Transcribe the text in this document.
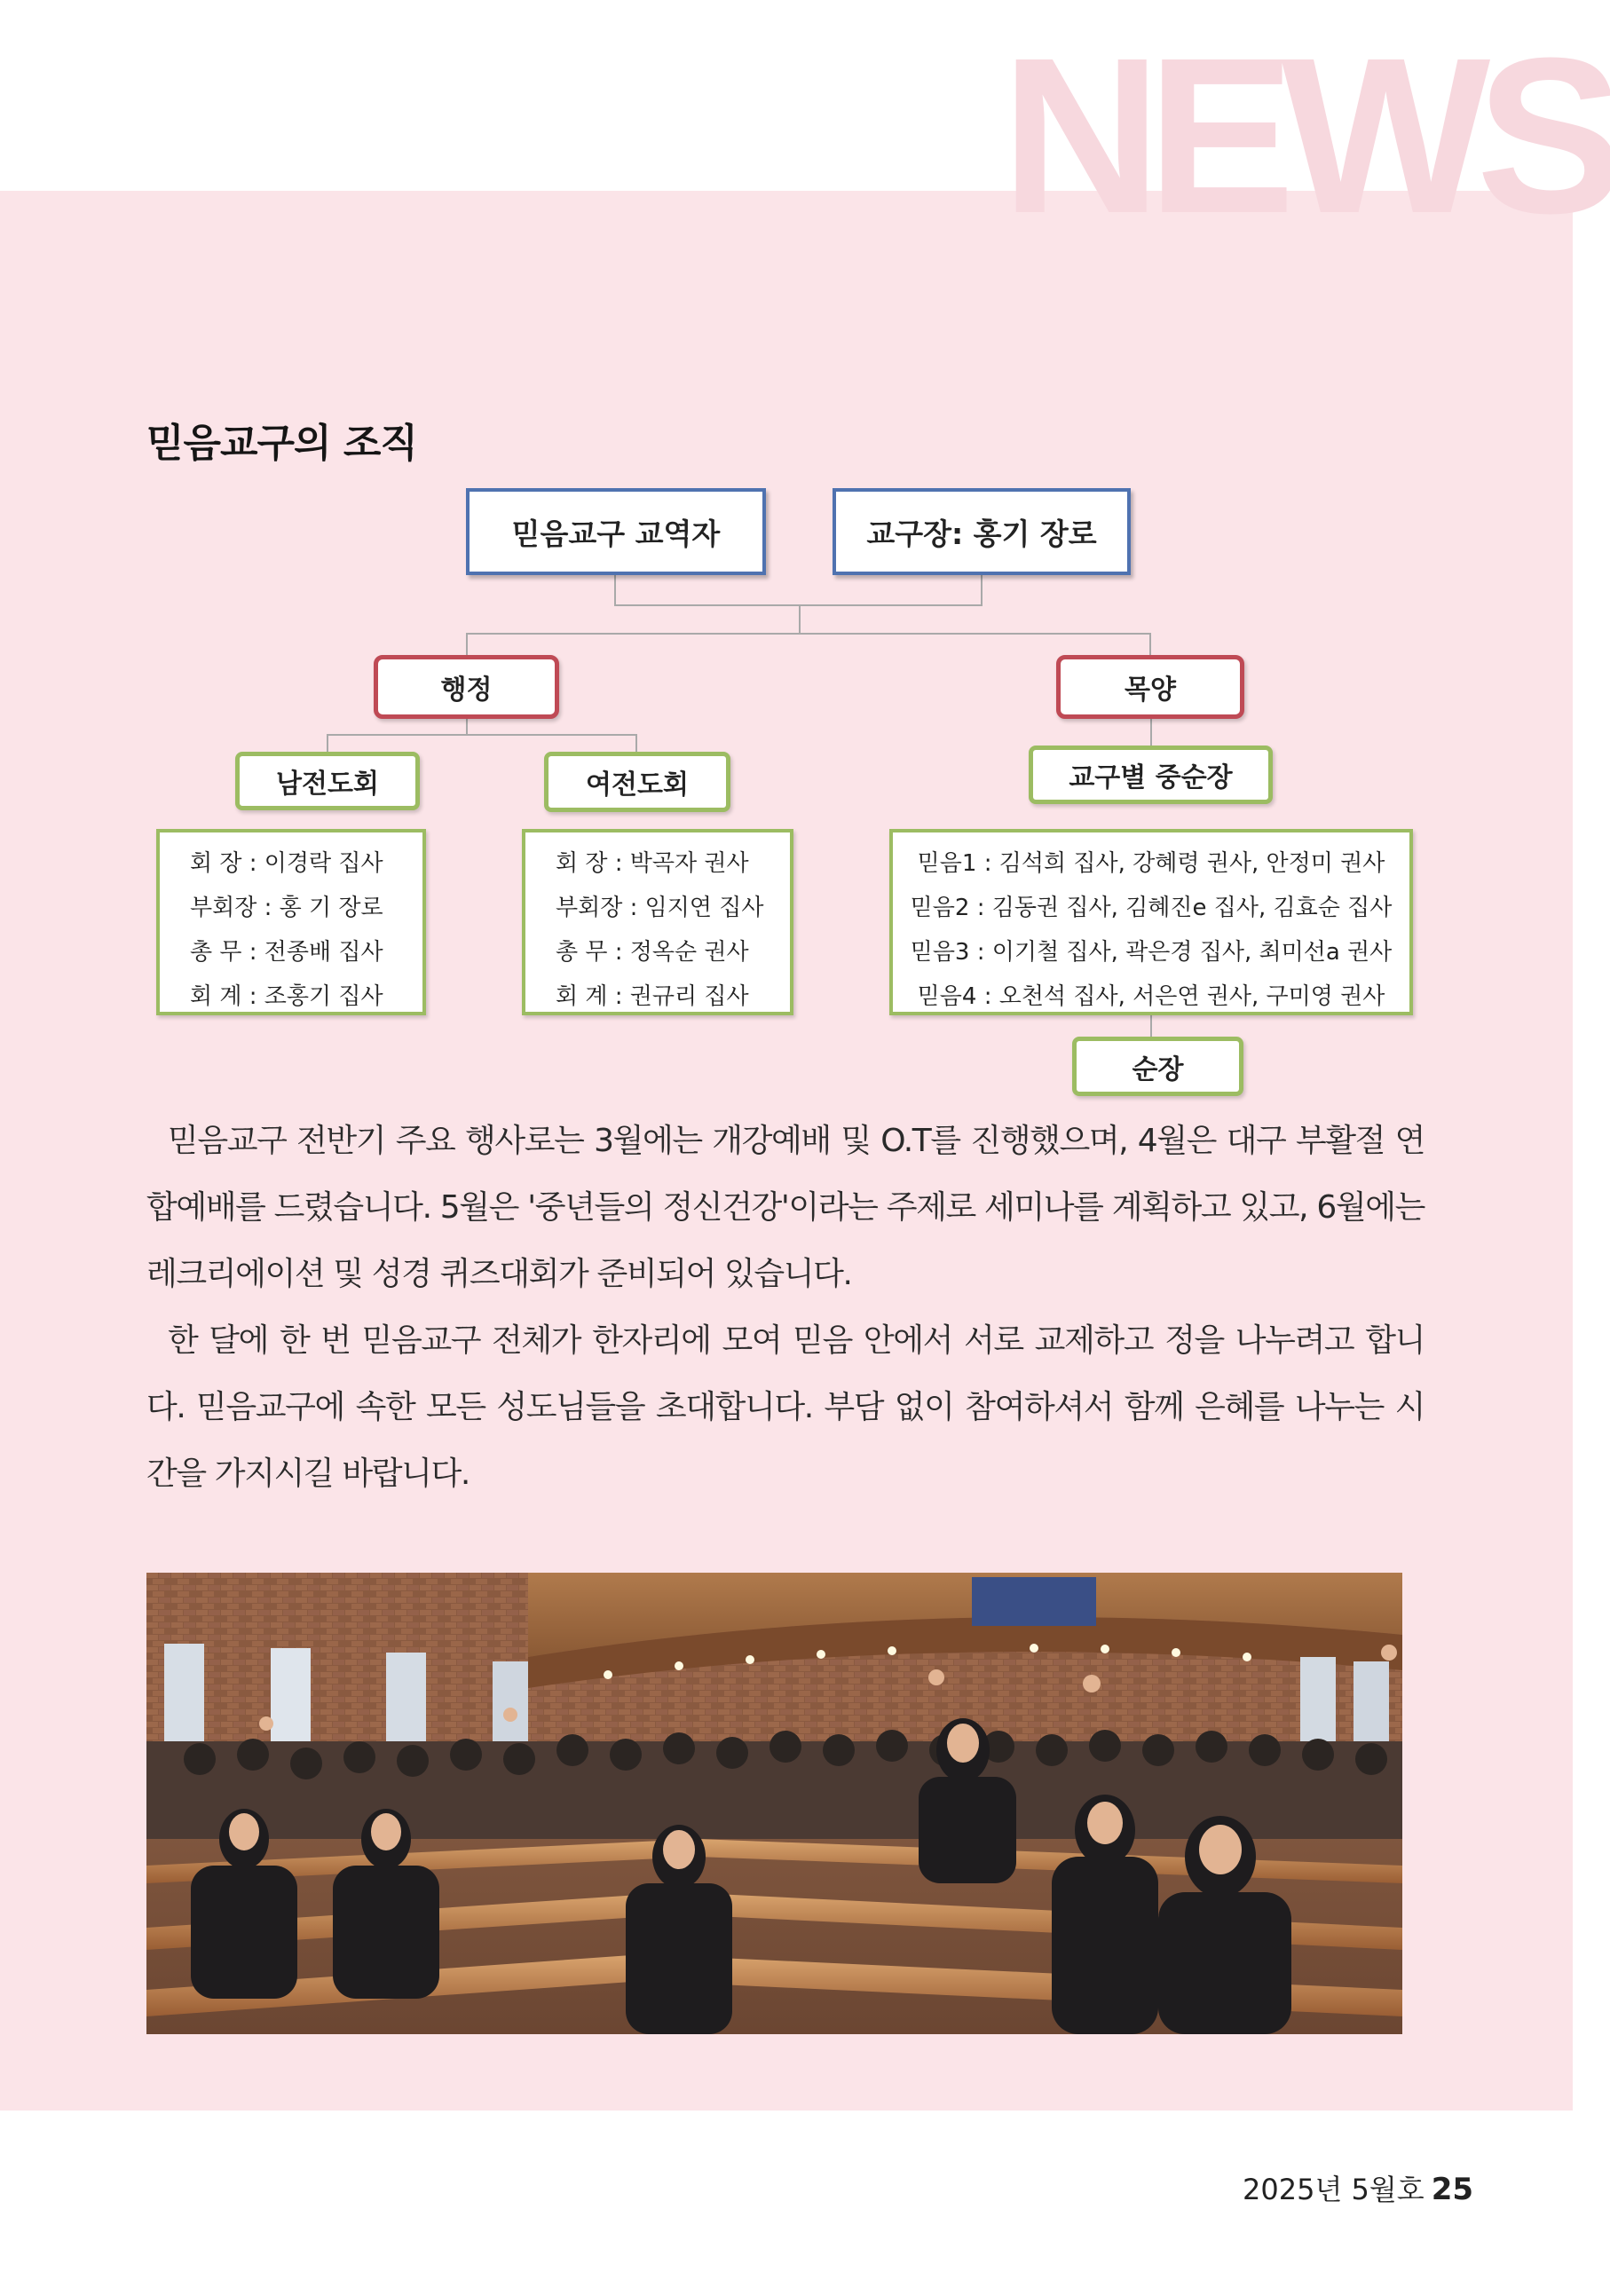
NEWS
믿음교구의 조직
믿음교구 교역자	교구장: 홍기 장로
행정	목양
남전도회	여전도회	교구별 중순장
회 장 : 이경락 집사
부회장 : 홍 기 장로
총 무 : 전종배 집사
회 계 : 조홍기 집사
회 장 : 박곡자 권사
부회장 : 임지연 집사
총 무 : 정옥순 권사
회 계 : 권규리 집사
믿음1 : 김석희 집사, 강혜령 권사, 안정미 권사
믿음2 : 김동권 집사, 김혜진e 집사, 김효순 집사
믿음3 : 이기철 집사, 곽은경 집사, 최미선a 권사
믿음4 : 오천석 집사, 서은연 권사, 구미영 권사
순장

믿음교구 전반기 주요 행사로는 3월에는 개강예배 및 O.T를 진행했으며, 4월은 대구 부활절 연합예배를 드렸습니다. 5월은 '중년들의 정신건강'이라는 주제로 세미나를 계획하고 있고, 6월에는 레크리에이션 및 성경 퀴즈대회가 준비되어 있습니다.

한 달에 한 번 믿음교구 전체가 한자리에 모여 믿음 안에서 서로 교제하고 정을 나누려고 합니다. 믿음교구에 속한 모든 성도님들을 초대합니다. 부담 없이 참여하셔서 함께 은혜를 나누는 시간을 가지시길 바랍니다.

2025년 5월호 25
